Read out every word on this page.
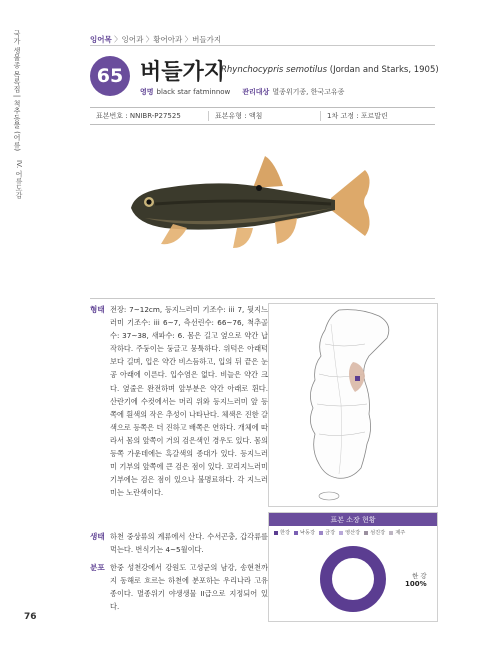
국가 생물종 목록집 | 척추동물 (어류)
IV. 어류도감
잉어목 〉잉어과 〉황어아과 〉버들가지
65 버들가지
Rhynchocypris semotilus (Jordan and Starks, 1905)
영명 black star fatminnow 관리대상 멸종위기종, 한국고유종
표본번호 : NNIBR-P27525	표본유형 : 액침	1차 고정 : 포르말린
형태 전장: 7~12cm, 등지느러미 기조수: iii 7, 뒷지느러미 기조수: iii 6~7, 측선린수: 66~76, 척추골수: 37~38, 새파수: 6. 몸은 길고 옆으로 약간 납작하다. 주둥이는 둥글고 뭉툭하다. 위턱은 아래턱보다 길며, 입은 약간 비스듬하고, 입의 뒤 끝은 눈공 아래에 이른다. 입수염은 없다. 비늘은 약간 크다. 옆줄은 완전하며 앞부분은 약간 아래로 휜다. 산란기에 수컷에서는 머리 위와 등지느러미 앞 등쪽에 흰색의 작은 추성이 나타난다. 체색은 진한 갈색으로 등쪽은 더 진하고 배쪽은 연하다. 개체에 따라서 몸의 앞쪽이 거의 검은색인 경우도 있다. 몸의 등쪽 가운데에는 흑갈색의 종대가 있다. 등지느러미 기부의 앞쪽에 큰 검은 점이 있다. 꼬리지느러미 기부에는 검은 점이 있으나 불명료하다. 각 지느러미는 노란색이다.
생태 하천 중상류의 계류에서 산다. 수서곤충, 갑각류를 먹는다. 번식기는 4~5월이다.
분포 한중 성천강에서 강원도 고성군의 남강, 송현천까지 동해로 흐르는 하천에 분포하는 우리나라 고유종이다. 멸종위기 야생생물 II급으로 지정되어 있다.
표본 소장 현황
한강 낙동강 금강 영산강 섬진강 제주
한 강
100%
76
